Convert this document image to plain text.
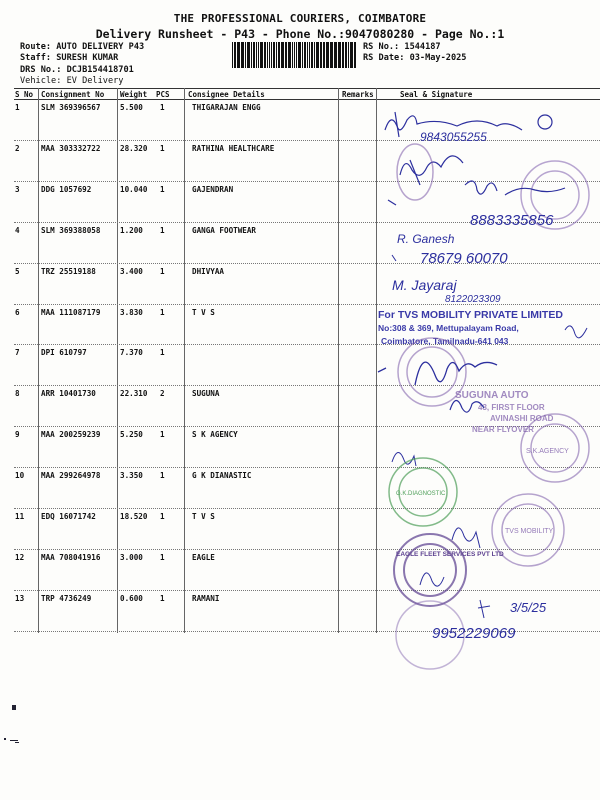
THE PROFESSIONAL COURIERS, COIMBATORE
Delivery Runsheet - P43 - Phone No.:9047080280 - Page No.:1
Route: AUTO DELIVERY P43
Staff: SURESH KUMAR
DRS No.: DCJB154418701
Vehicle: EV Delivery
RS No.: 1544187
RS Date: 03-May-2025
S No Consignment No Weight PCS Consignee Details	Remarks	Seal & Signature
1	SLM 369396567	5.500 1	THIGARAJAN ENGG
2	MAA 303332722	28.320 1	RATHINA HEALTHCARE
3	DDG 1057692	10.040 1	GAJENDRAN
4	SLM 369388058	1.200 1	GANGA FOOTWEAR
5	TRZ 25519188	3.400 1	DHIVYAA
6	MAA 111087179	3.830 1	T V S
7	DPI 610797	7.370 1
8	ARR 10401730	22.310 2	SUGUNA
9	MAA 200259239	5.250 1	S K AGENCY
10 MAA 299264978	3.350 1	G K DIANASTIC
11 EDQ 16071742	18.520 1	T V S
12 MAA 708041916	3.000 1	EAGLE
13 TRP 4736249	0.600 1	RAMANI
9843055255
8883335856
R. Ganesh
78679 60070
M. Jayaraj
8122023309
For TVS MOBILITY PRIVATE LIMITED
No:308 & 369, Mettupalayam Road,
Coimbatore, Tamilnadu-641 043
SUGUNA AUTO
43, FIRST FLOOR
AVINASHI ROAD
NEAR FLYOVER
S.K.AGENCY
G.K.DIAGNOSTIC
TVS MOBILITY
EAGLE FLEET SERVICES PVT LTD
3/5/25
9952229069
